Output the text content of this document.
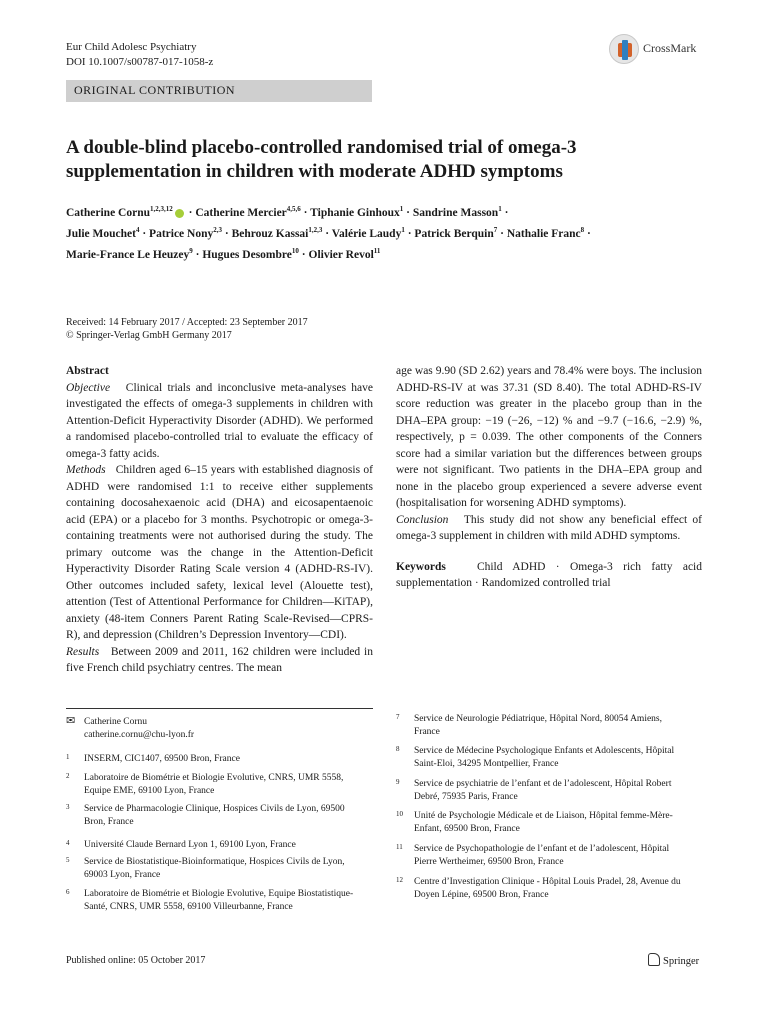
Eur Child Adolesc Psychiatry
DOI 10.1007/s00787-017-1058-z
CrossMark
ORIGINAL CONTRIBUTION
A double-blind placebo-controlled randomised trial of omega-3 supplementation in children with moderate ADHD symptoms
Catherine Cornu$^{1,2,3,12}$ · Catherine Mercier$^{4,5,6}$ · Tiphanie Ginhoux$^1$ · Sandrine Masson$^1$ ·
Julie Mouchet$^4$ · Patrice Nony$^{2,3}$ · Behrouz Kassai$^{1,2,3}$ · Valérie Laudy$^1$ · Patrick Berquin$^7$ · Nathalie Franc$^8$ ·
Marie-France Le Heuzey$^9$ · Hugues Desombre$^{10}$ · Olivier Revol$^{11}$
Received: 14 February 2017 / Accepted: 23 September 2017
© Springer-Verlag GmbH Germany 2017
Abstract
Objective Clinical trials and inconclusive meta-analyses have investigated the effects of omega-3 supplements in children with Attention-Deficit Hyperactivity Disorder (ADHD). We performed a randomised placebo-controlled trial to evaluate the efficacy of omega-3 fatty acids.
Methods Children aged 6–15 years with established diagnosis of ADHD were randomised 1:1 to receive either supplements containing docosahexaenoic acid (DHA) and eicosapentaenoic acid (EPA) or a placebo for 3 months. Psychotropic or omega-3-containing treatments were not authorised during the study. The primary outcome was the change in the Attention-Deficit Hyperactivity Disorder Rating Scale version 4 (ADHD-RS-IV). Other outcomes included safety, lexical level (Alouette test), attention (Test of Attentional Performance for Children—KiTAP), anxiety (48-item Conners Parent Rating Scale-Revised—CPRS-R), and depression (Children’s Depression Inventory—CDI).
Results Between 2009 and 2011, 162 children were included in five French child psychiatry centres. The mean
age was 9.90 (SD 2.62) years and 78.4% were boys. The inclusion ADHD-RS-IV at was 37.31 (SD 8.40). The total ADHD-RS-IV score reduction was greater in the placebo group than in the DHA–EPA group: −19 (−26, −12) % and −9.7 (−16.6, −2.9) %, respectively, p = 0.039. The other components of the Conners score had a similar variation but the differences between groups were not significant. Two patients in the DHA–EPA group and none in the placebo group experienced a severe adverse event (hospitalisation for worsening ADHD symptoms).
Conclusion This study did not show any beneficial effect of omega-3 supplement in children with mild ADHD symptoms.
Keywords	Child ADHD · Omega-3 rich fatty acid supplementation · Randomized controlled trial
✉ Catherine Cornu
catherine.cornu@chu-lyon.fr
1 INSERM, CIC1407, 69500 Bron, France
2 Laboratoire de Biométrie et Biologie Evolutive, CNRS, UMR 5558, Equipe EME, 69100 Lyon, France
3 Service de Pharmacologie Clinique, Hospices Civils de Lyon, 69500 Bron, France
4 Université Claude Bernard Lyon 1, 69100 Lyon, France
5 Service de Biostatistique-Bioinformatique, Hospices Civils de Lyon, 69003 Lyon, France
6 Laboratoire de Biométrie et Biologie Evolutive, Equipe Biostatistique-Santé, CNRS, UMR 5558, 69100 Villeurbanne, France
7 Service de Neurologie Pédiatrique, Hôpital Nord, 80054 Amiens, France
8 Service de Médecine Psychologique Enfants et Adolescents, Hôpital Saint-Eloi, 34295 Montpellier, France
9 Service de psychiatrie de l’enfant et de l’adolescent, Hôpital Robert Debré, 75935 Paris, France
10 Unité de Psychologie Médicale et de Liaison, Hôpital femme-Mère-Enfant, 69500 Bron, France
11 Service de Psychopathologie de l’enfant et de l’adolescent, Hôpital Pierre Wertheimer, 69500 Bron, France
12 Centre d’Investigation Clinique - Hôpital Louis Pradel, 28, Avenue du Doyen Lépine, 69500 Bron, France
Published online: 05 October 2017	Springer
